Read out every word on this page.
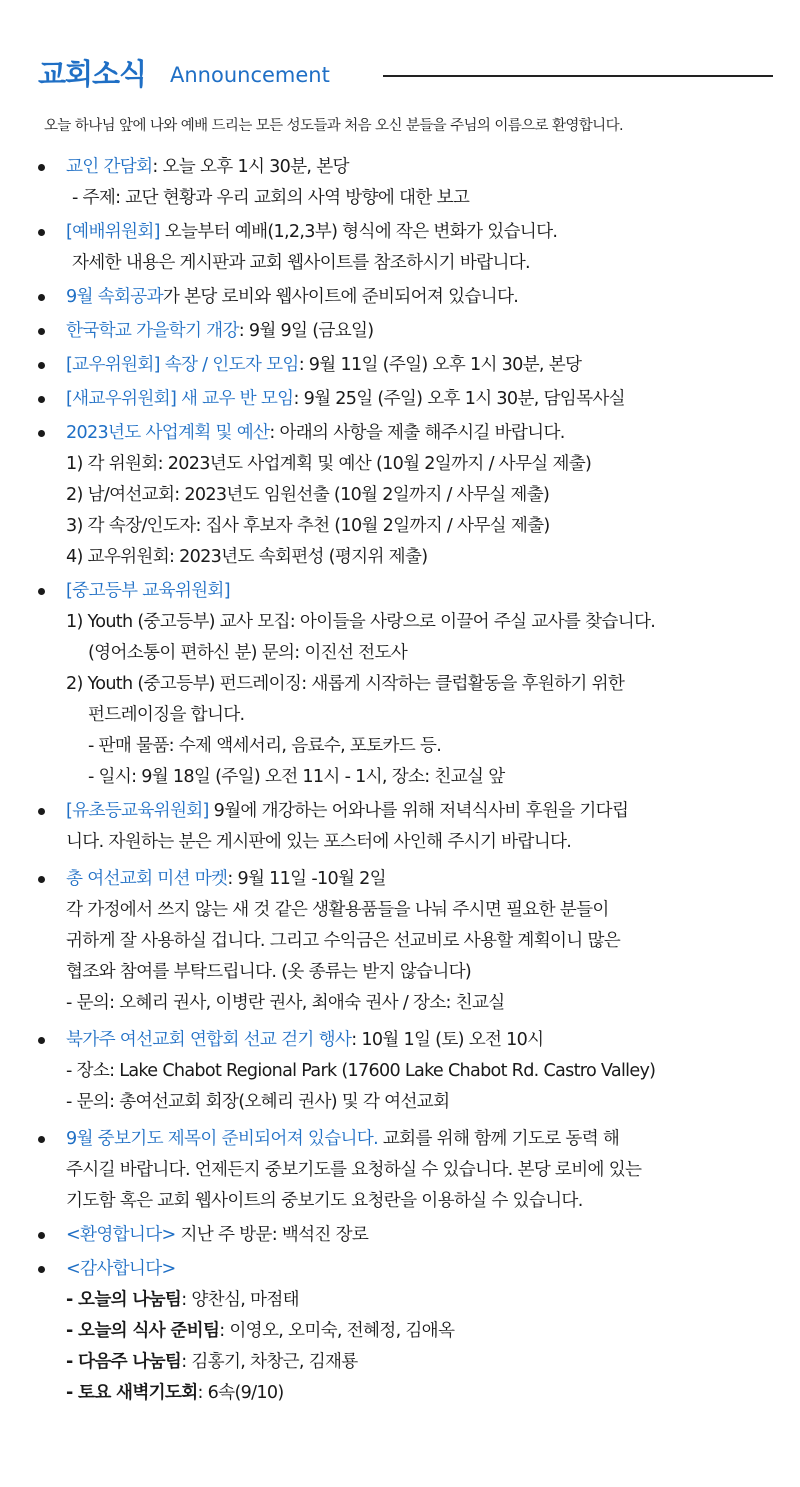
교회소식 Announcement
오늘 하나님 앞에 나와 예배 드리는 모든 성도들과 처음 오신 분들을 주님의 이름으로 환영합니다.
교인 간담회: 오늘 오후 1시 30분, 본당
- 주제: 교단 현황과 우리 교회의 사역 방향에 대한 보고
[예배위원회] 오늘부터 예배(1,2,3부) 형식에 작은 변화가 있습니다.
자세한 내용은 게시판과 교회 웹사이트를 참조하시기 바랍니다.
9월 속회공과가 본당 로비와 웹사이트에 준비되어져 있습니다.
한국학교 가을학기 개강: 9월 9일 (금요일)
[교우위원회] 속장 / 인도자 모임: 9월 11일 (주일) 오후 1시 30분, 본당
[새교우위원회] 새 교우 반 모임: 9월 25일 (주일) 오후 1시 30분, 담임목사실
2023년도 사업계획 및 예산: 아래의 사항을 제출 해주시길 바랍니다.
1) 각 위원회: 2023년도 사업계획 및 예산 (10월 2일까지 / 사무실 제출)
2) 남/여선교회: 2023년도 임원선출 (10월 2일까지 / 사무실 제출)
3) 각 속장/인도자: 집사 후보자 추천 (10월 2일까지 / 사무실 제출)
4) 교우위원회: 2023년도 속회편성 (평지위 제출)
[중고등부 교육위원회]
1) Youth (중고등부) 교사 모집: 아이들을 사랑으로 이끌어 주실 교사를 찾습니다.
(영어소통이 편하신 분) 문의: 이진선 전도사
2) Youth (중고등부) 펀드레이징: 새롭게 시작하는 클럽활동을 후원하기 위한
펀드레이징을 합니다.
- 판매 물품: 수제 액세서리, 음료수, 포토카드 등.
- 일시: 9월 18일 (주일) 오전 11시 - 1시, 장소: 친교실 앞
[유초등교육위원회] 9월에 개강하는 어와나를 위해 저녁식사비 후원을 기다립
니다. 자원하는 분은 게시판에 있는 포스터에 사인해 주시기 바랍니다.
총 여선교회 미션 마켓: 9월 11일 -10월 2일
각 가정에서 쓰지 않는 새 것 같은 생활용품들을 나눠 주시면 필요한 분들이
귀하게 잘 사용하실 겁니다. 그리고 수익금은 선교비로 사용할 계획이니 많은
협조와 참여를 부탁드립니다. (옷 종류는 받지 않습니다)
- 문의: 오혜리 권사, 이병란 권사, 최애숙 권사 / 장소: 친교실
북가주 여선교회 연합회 선교 걷기 행사: 10월 1일 (토) 오전 10시
- 장소: Lake Chabot Regional Park (17600 Lake Chabot Rd. Castro Valley)
- 문의: 총여선교회 회장(오혜리 권사) 및 각 여선교회
9월 중보기도 제목이 준비되어져 있습니다. 교회를 위해 함께 기도로 동력 해
주시길 바랍니다. 언제든지 중보기도를 요청하실 수 있습니다. 본당 로비에 있는
기도함 혹은 교회 웹사이트의 중보기도 요청란을 이용하실 수 있습니다.
<환영합니다> 지난 주 방문: 백석진 장로
<감사합니다>
- 오늘의 나눔팀: 양찬심, 마점태
- 오늘의 식사 준비팀: 이영오, 오미숙, 전혜정, 김애옥
- 다음주 나눔팀: 김홍기, 차창근, 김재룡
- 토요 새벽기도회: 6속(9/10)
